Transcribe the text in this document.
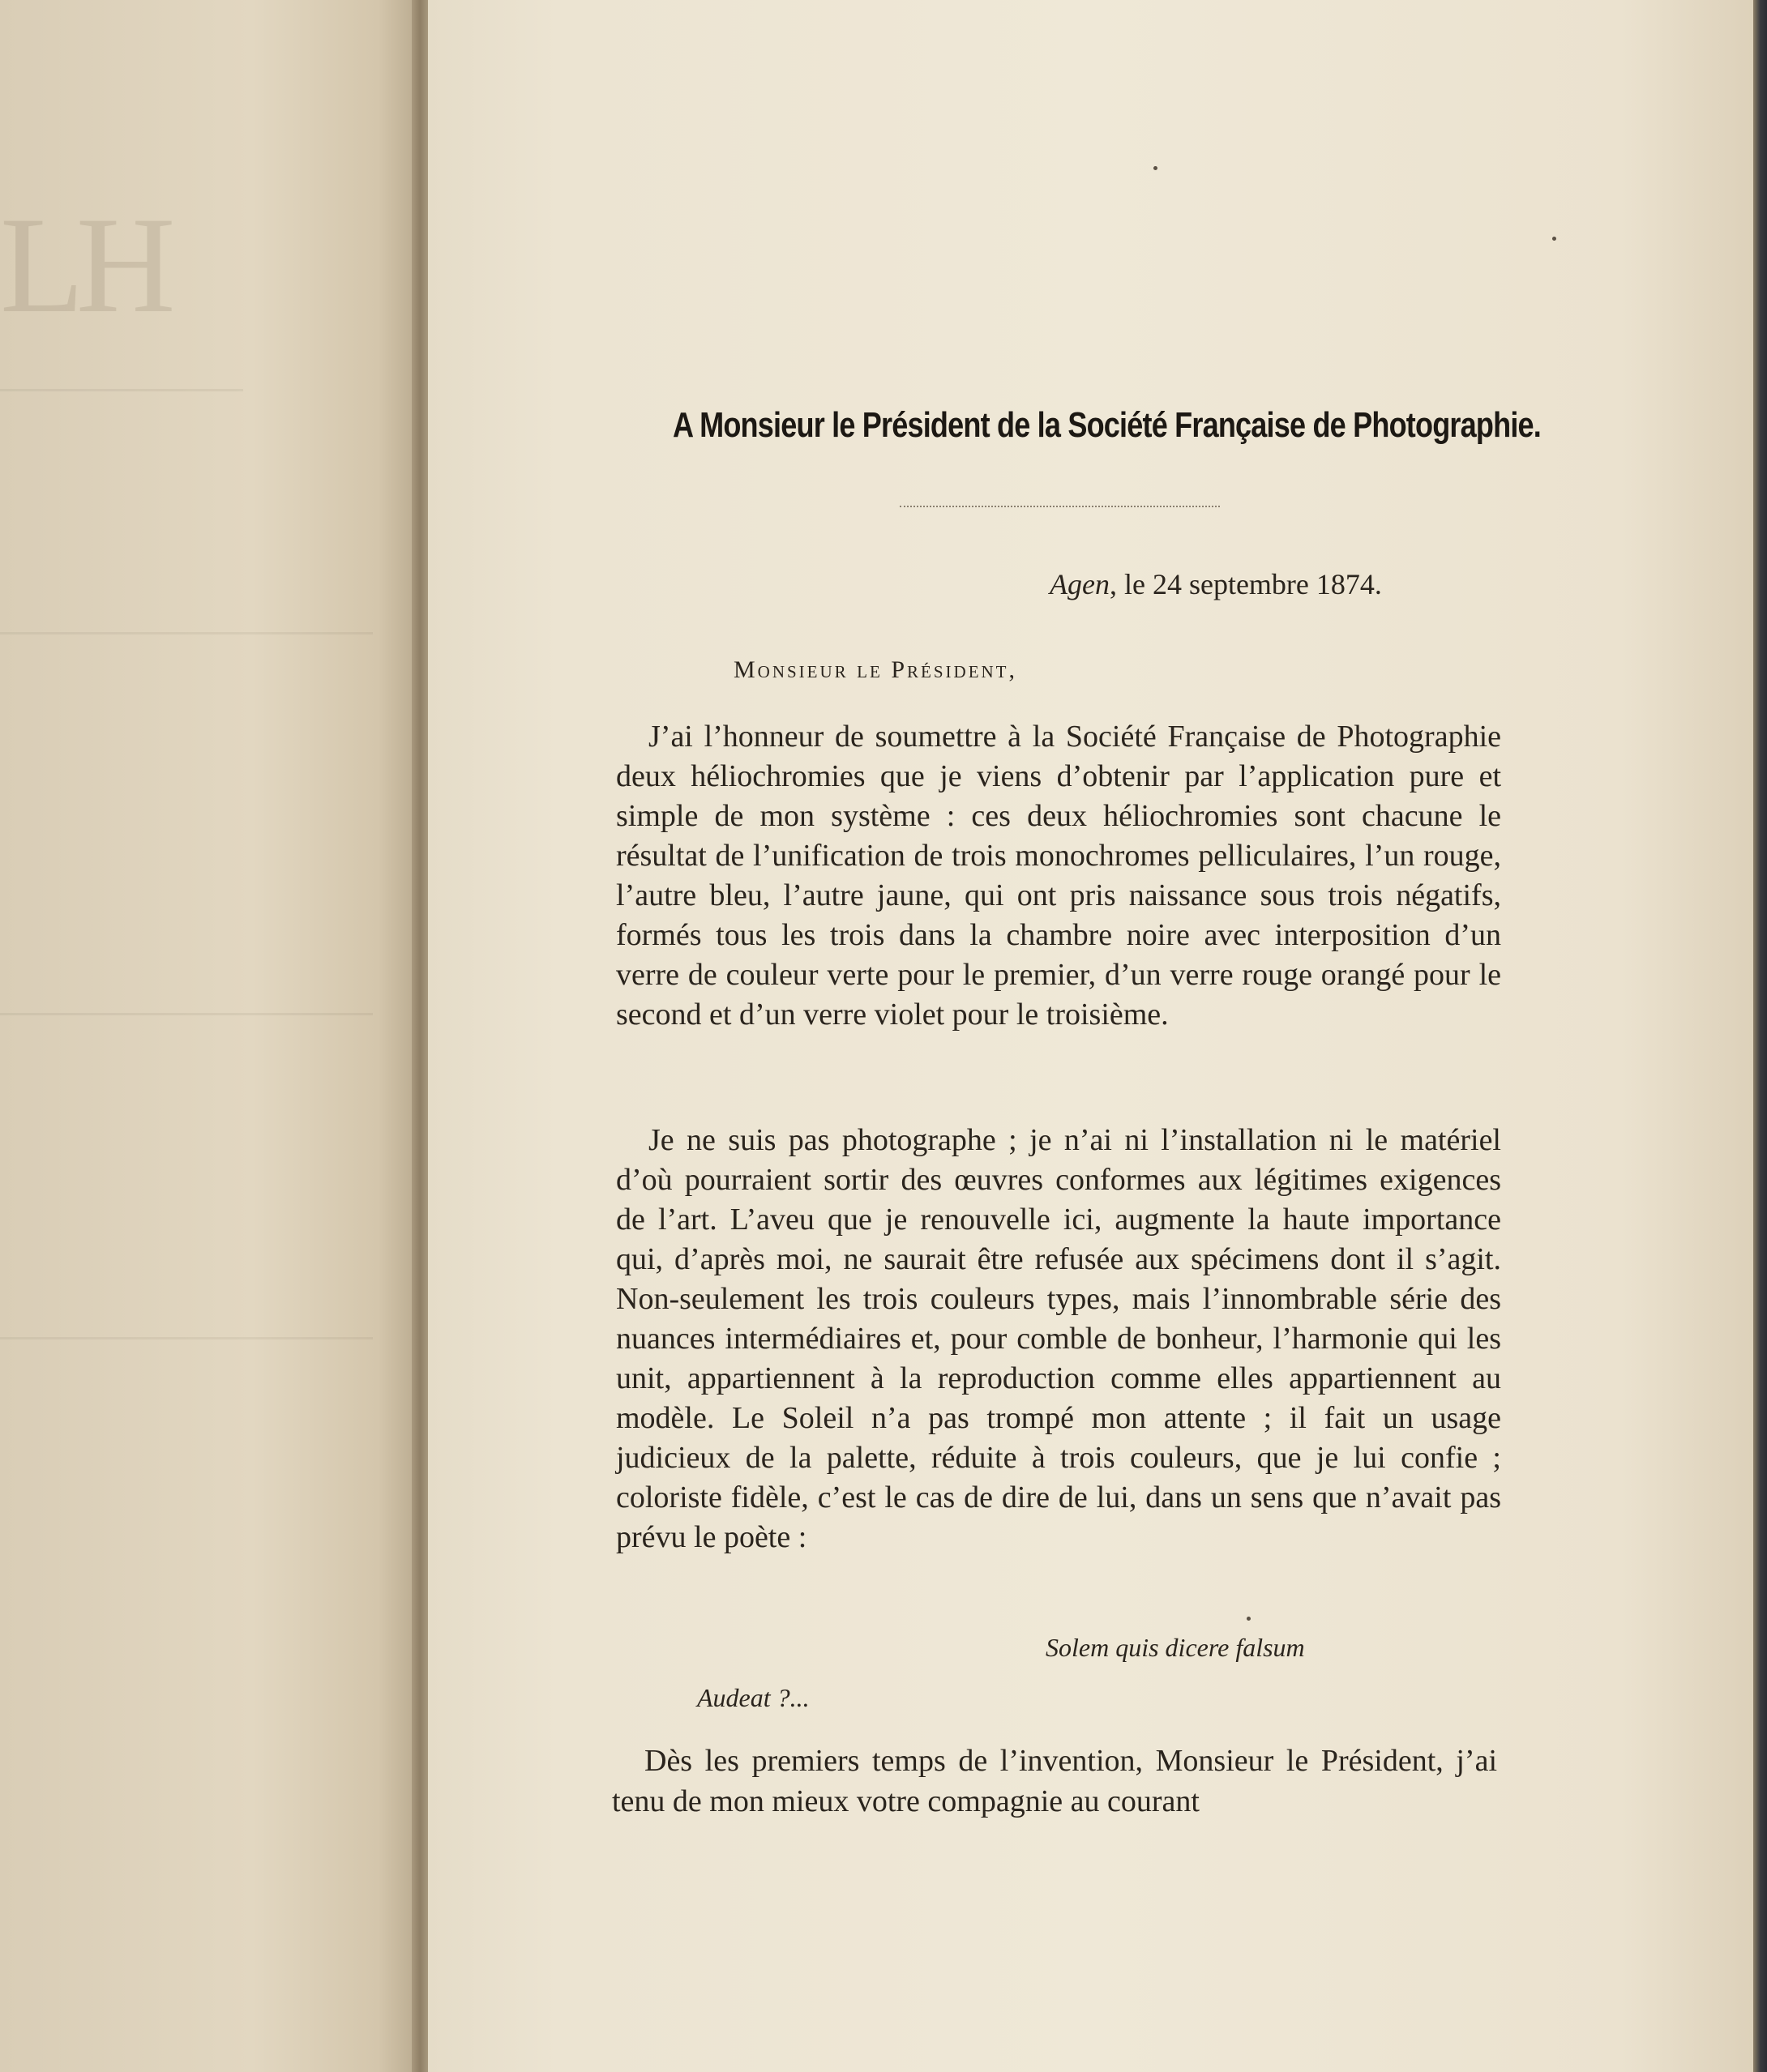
LH
A Monsieur le Président de la Société Française de Photographie.
Agen, le 24 septembre 1874.
Monsieur le Président,

J’ai l’honneur de soumettre à la Société Française de Photographie deux héliochromies que je viens d’obtenir par l’application pure et simple de mon système : ces deux héliochromies sont chacune le résultat de l’unification de trois monochromes pelliculaires, l’un rouge, l’autre bleu, l’autre jaune, qui ont pris naissance sous trois négatifs, formés tous les trois dans la chambre noire avec interposition d’un verre de couleur verte pour le premier, d’un verre rouge orangé pour le second et d’un verre violet pour le troisième.

Je ne suis pas photographe ; je n’ai ni l’installation ni le matériel d’où pourraient sortir des œuvres conformes aux légitimes exigences de l’art. L’aveu que je renouvelle ici, augmente la haute importance qui, d’après moi, ne saurait être refusée aux spécimens dont il s’agit. Non-seulement les trois couleurs types, mais l’innombrable série des nuances intermédiaires et, pour comble de bonheur, l’harmonie qui les unit, appartiennent à la reproduction comme elles appartiennent au modèle. Le Soleil n’a pas trompé mon attente ; il fait un usage judicieux de la palette, réduite à trois couleurs, que je lui confie ; coloriste fidèle, c’est le cas de dire de lui, dans un sens que n’avait pas prévu le poète :

Solem quis dicere falsum
Audeat ?...

Dès les premiers temps de l’invention, Monsieur le Président, j’ai tenu de mon mieux votre compagnie au courant
